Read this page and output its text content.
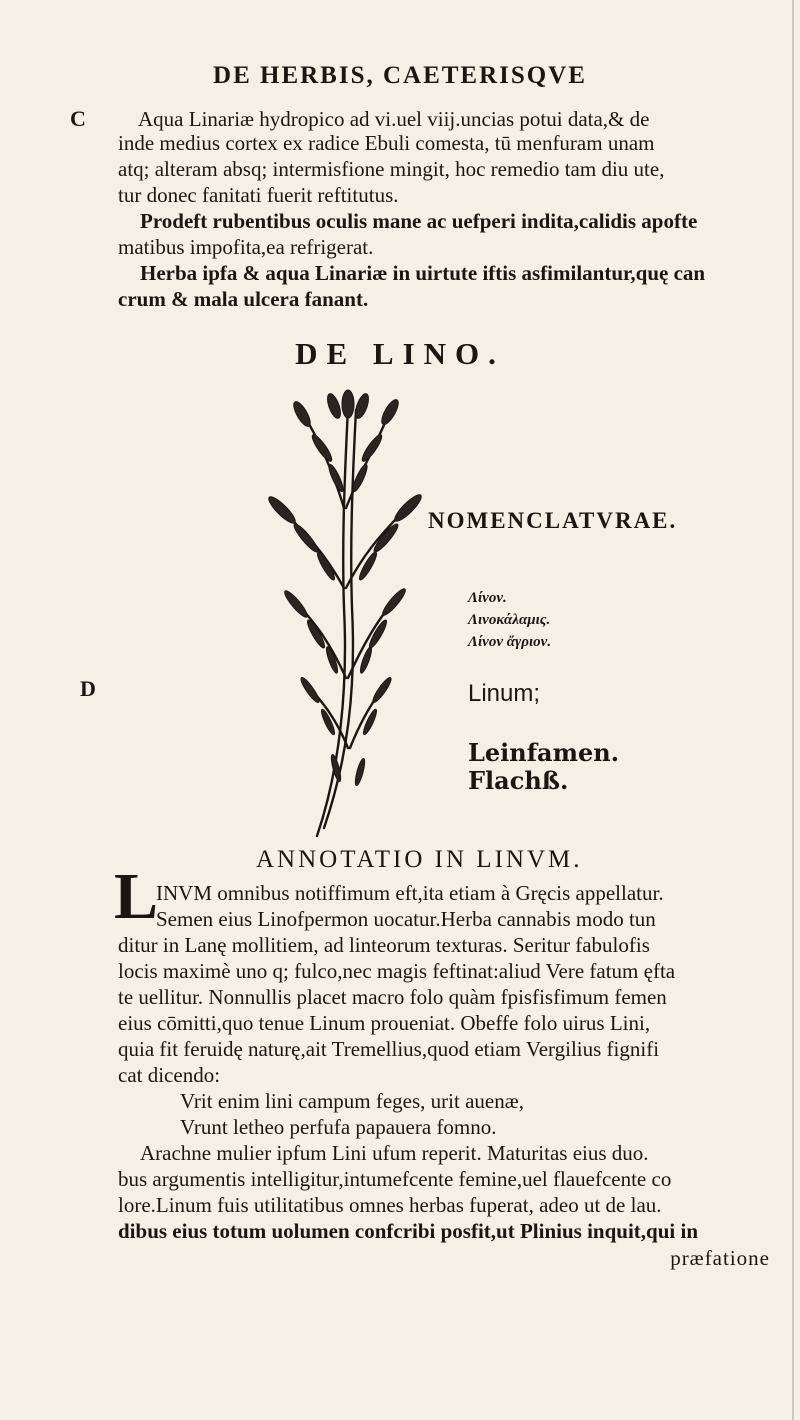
DE HERBIS, CAETERISQVE
C
D
Aqua Linariæ hydropico ad vi.uel viij.uncias potui data,& de
inde medius cortex ex radice Ebuli comesta, tū menfuram unam
atq; alteram absq; intermisfione mingit, hoc remedio tam diu ute,
tur donec fanitati fuerit reftitutus.
Prodeft rubentibus oculis mane ac uefperi indita,calidis apofte
matibus impofita,ea refrigerat.
Herba ipfa & aqua Linariæ in uirtute iftis asfimilantur,quę can
crum & mala ulcera fanant.
DE LINO.
NOMENCLATVRAE.
Λίνον.
Λινοκάλαμις.
Λίνον ἄγριον.
Linum;
Leinfamen.
Flachß.
ANNOTATIO IN LINVM.
L
INVM omnibus notiffimum eft,ita etiam à Gręcis appellatur.
Semen eius Linofpermon uocatur.Herba cannabis modo tun
ditur in Lanę mollitiem, ad linteorum texturas. Seritur fabulofis
locis maximè uno q; fulco,nec magis feftinat:aliud Vere fatum ęfta
te uellitur. Nonnullis placet macro folo quàm fpisfisfimum femen
eius cōmitti,quo tenue Linum proueniat. Obeffe folo uirus Lini,
quia fit feruidę naturę,ait Tremellius,quod etiam Vergilius fignifi
cat dicendo:
Vrit enim lini campum feges, urit auenæ,
Vrunt letheo perfufa papauera fomno.
Arachne mulier ipfum Lini ufum reperit. Maturitas eius duo.
bus argumentis intelligitur,intumefcente femine,uel flauefcente co
lore.Linum fuis utilitatibus omnes herbas fuperat, adeo ut de lau.
dibus eius totum uolumen confcribi posfit,ut Plinius inquit,qui in
præfatione
